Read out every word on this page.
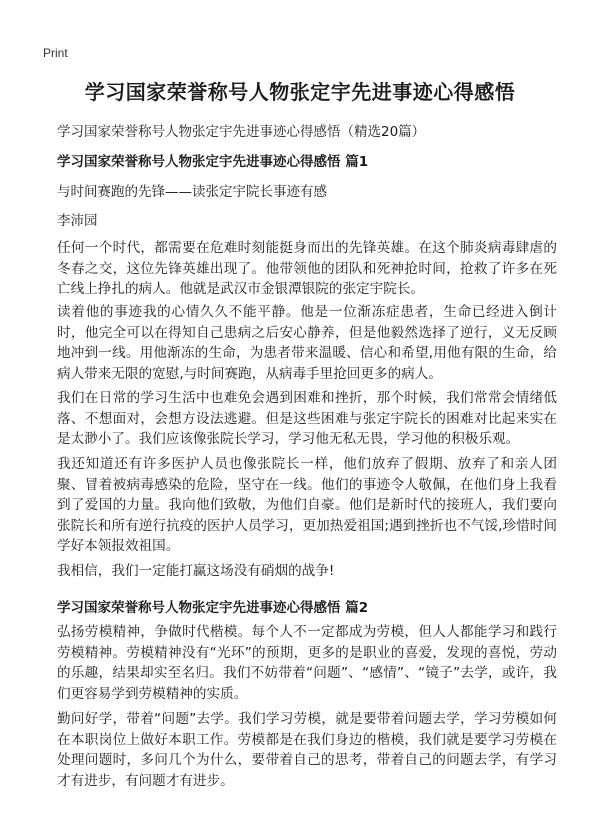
Print
学习国家荣誉称号人物张定宇先进事迹心得感悟
学习国家荣誉称号人物张定宇先进事迹心得感悟（精选20篇）
学习国家荣誉称号人物张定宇先进事迹心得感悟 篇1
与时间赛跑的先锋——读张定宇院长事迹有感
李沛园

任何一个时代，都需要在危难时刻能挺身而出的先锋英雄。在这个肺炎病毒肆虐的冬春之交，这位先锋英雄出现了。他带领他的团队和死神抢时间，抢救了许多在死亡线上挣扎的病人。他就是武汉市金银潭银院的张定宇院长。

读着他的事迹我的心情久久不能平静。他是一位渐冻症患者，生命已经进入倒计时，他完全可以在得知自己患病之后安心静养，但是他毅然选择了逆行，义无反顾地冲到一线。用他渐冻的生命，为患者带来温暖、信心和希望,用他有限的生命，给病人带来无限的宽慰,与时间赛跑，从病毒手里抢回更多的病人。

我们在日常的学习生活中也难免会遇到困难和挫折，那个时候，我们常常会情绪低落、不想面对，会想方设法逃避。但是这些困难与张定宇院长的困难对比起来实在是太渺小了。我们应该像张院长学习，学习他无私无畏，学习他的积极乐观。

我还知道还有许多医护人员也像张院长一样，他们放弃了假期、放弃了和亲人团聚、冒着被病毒感染的危险，坚守在一线。他们的事迹令人敬佩，在他们身上我看到了爱国的力量。我向他们致敬，为他们自豪。他们是新时代的接班人，我们要向张院长和所有逆行抗疫的医护人员学习，更加热爱祖国;遇到挫折也不气馁,珍惜时间学好本领报效祖国。

我相信，我们一定能打赢这场没有硝烟的战争!

学习国家荣誉称号人物张定宇先进事迹心得感悟 篇2

弘扬劳模精神，争做时代楷模。每个人不一定都成为劳模，但人人都能学习和践行劳模精神。劳模精神没有“光环”的预期，更多的是职业的喜爱，发现的喜悦，劳动的乐趣，结果却实至名归。我们不妨带着“问题”、“感情”、“镜子”去学，或许，我们更容易学到劳模精神的实质。

勤问好学，带着“问题”去学。我们学习劳模，就是要带着问题去学，学习劳模如何在本职岗位上做好本职工作。劳模都是在我们身边的楷模，我们就是要学习劳模在处理问题时，多问几个为什么，要带着自己的思考，带着自己的问题去学，有学习才有进步，有问题才有进步。
